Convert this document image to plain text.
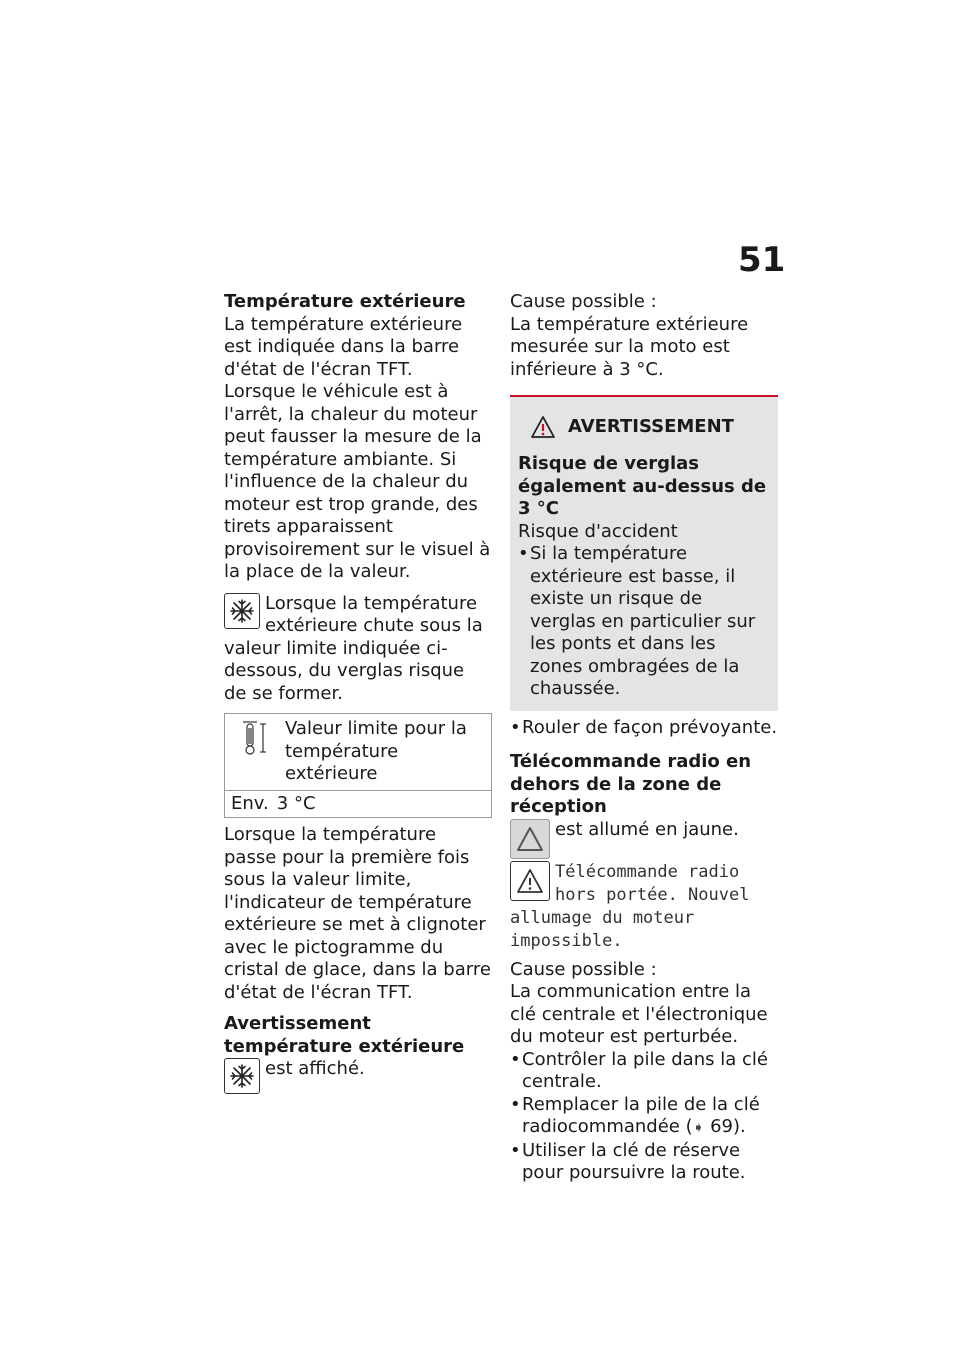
51

Température extérieure

La température extérieure est indiquée dans la barre d'état de l'écran TFT.

Lorsque le véhicule est à l'arrêt, la chaleur du moteur peut fausser la mesure de la température ambiante. Si l'influence de la chaleur du moteur est trop grande, des tirets apparaissent provisoirement sur le visuel à la place de la valeur.

Lorsque la température extérieure chute sous la valeur limite indiquée ci-dessous, du verglas risque de se former.

Valeur limite pour la température extérieure
Env. 3 °C

Lorsque la température passe pour la première fois sous la valeur limite, l'indicateur de température extérieure se met à clignoter avec le pictogramme du cristal de glace, dans la barre d'état de l'écran TFT.

Avertissement température extérieure

est affiché.

Cause possible :

La température extérieure mesurée sur la moto est inférieure à 3 °C.

AVERTISSEMENT

Risque de verglas également au-dessus de 3 °C

Risque d'accident

• Si la température extérieure est basse, il existe un risque de verglas en particulier sur les ponts et dans les zones ombragées de la chaussée.
• Rouler de façon prévoyante.

Télécommande radio en dehors de la zone de réception

est allumé en jaune.

Télécommande radio hors portée. Nouvel allumage du moteur impossible.

Cause possible :

La communication entre la clé centrale et l'électronique du moteur est perturbée.

• Contrôler la pile dans la clé centrale.
• Remplacer la pile de la clé radiocommandée (➧ 69).
• Utiliser la clé de réserve pour poursuivre la route.
